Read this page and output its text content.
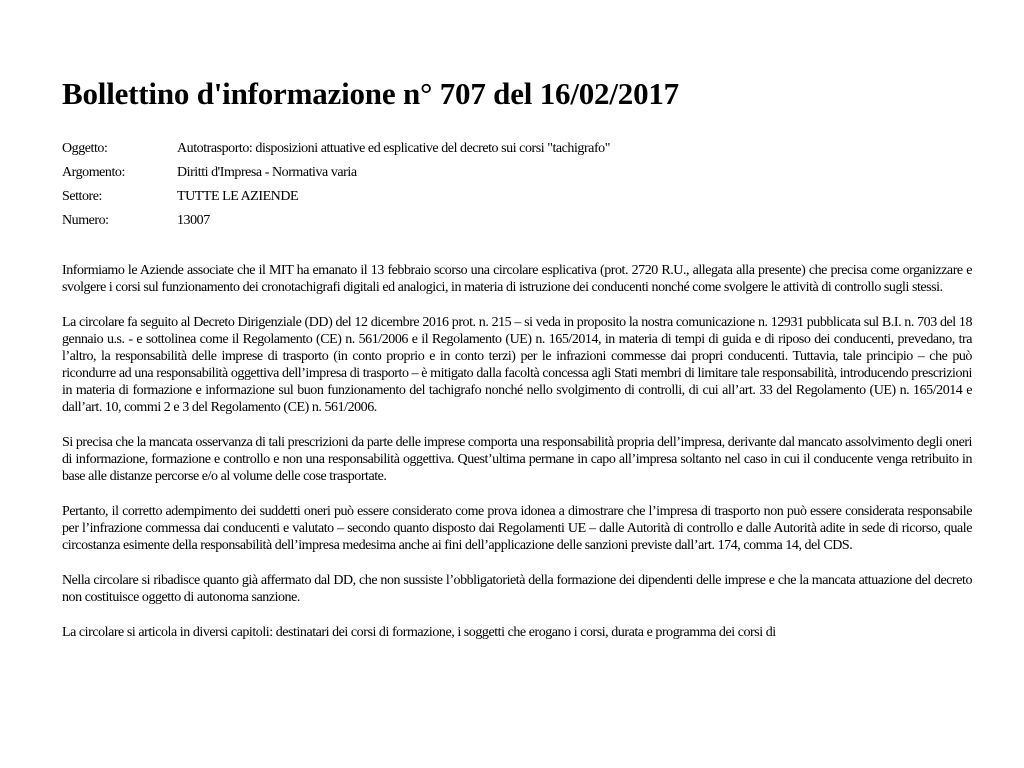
Bollettino d'informazione n° 707 del 16/02/2017
Oggetto:	Autotrasporto: disposizioni attuative ed esplicative del decreto sui corsi "tachigrafo"
Argomento:	Diritti d'Impresa - Normativa varia
Settore:	TUTTE LE AZIENDE
Numero:	13007

Informiamo le Aziende associate che il MIT ha emanato il 13 febbraio scorso una circolare esplicativa (prot. 2720 R.U., allegata alla presente) che precisa come organizzare e svolgere i corsi sul funzionamento dei cronotachigrafi digitali ed analogici, in materia di istruzione dei conducenti nonché come svolgere le attività di controllo sugli stessi.

La circolare fa seguito al Decreto Dirigenziale (DD) del 12 dicembre 2016 prot. n. 215 – si veda in proposito la nostra comunicazione n. 12931 pubblicata sul B.I. n. 703 del 18 gennaio u.s. - e sottolinea come il Regolamento (CE) n. 561/2006 e il Regolamento (UE) n. 165/2014, in materia di tempi di guida e di riposo dei conducenti, prevedano, tra l’altro, la responsabilità delle imprese di trasporto (in conto proprio e in conto terzi) per le infrazioni commesse dai propri conducenti. Tuttavia, tale principio – che può ricondurre ad una responsabilità oggettiva dell’impresa di trasporto – è mitigato dalla facoltà concessa agli Stati membri di limitare tale responsabilità, introducendo prescrizioni in materia di formazione e informazione sul buon funzionamento del tachigrafo nonché nello svolgimento di controlli, di cui all’art. 33 del Regolamento (UE) n. 165/2014 e dall’art. 10, commi 2 e 3 del Regolamento (CE) n. 561/2006.

Si precisa che la mancata osservanza di tali prescrizioni da parte delle imprese comporta una responsabilità propria dell’impresa, derivante dal mancato assolvimento degli oneri di informazione, formazione e controllo e non una responsabilità oggettiva. Quest’ultima permane in capo all’impresa soltanto nel caso in cui il conducente venga retribuito in base alle distanze percorse e/o al volume delle cose trasportate.

Pertanto, il corretto adempimento dei suddetti oneri può essere considerato come prova idonea a dimostrare che l’impresa di trasporto non può essere considerata responsabile per l’infrazione commessa dai conducenti e valutato – secondo quanto disposto dai Regolamenti UE – dalle Autorità di controllo e dalle Autorità adite in sede di ricorso, quale circostanza esimente della responsabilità dell’impresa medesima anche ai fini dell’applicazione delle sanzioni previste dall’art. 174, comma 14, del CDS.

Nella circolare si ribadisce quanto già affermato dal DD, che non sussiste l’obbligatorietà della formazione dei dipendenti delle imprese e che la mancata attuazione del decreto non costituisce oggetto di autonoma sanzione.

La circolare si articola in diversi capitoli: destinatari dei corsi di formazione, i soggetti che erogano i corsi, durata e programma dei corsi di
